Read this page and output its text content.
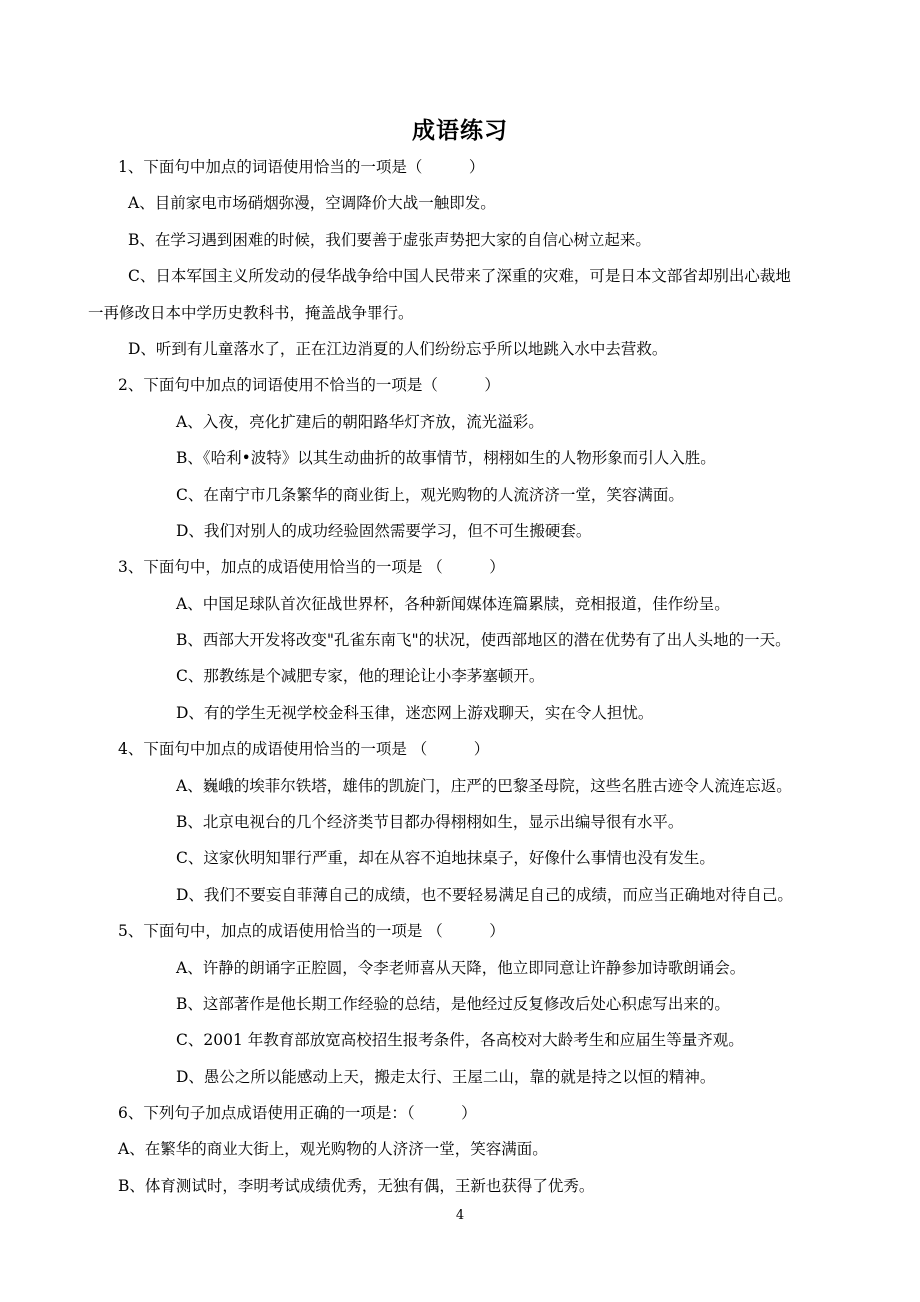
成语练习
1、下面句中加点的词语使用恰当的一项是（　　　）
A、目前家电市场硝烟弥漫，空调降价大战一触即发。
B、在学习遇到困难的时候，我们要善于虚张声势把大家的自信心树立起来。
C、日本军国主义所发动的侵华战争给中国人民带来了深重的灾难，可是日本文部省却别出心裁地
一再修改日本中学历史教科书，掩盖战争罪行。
D、听到有儿童落水了，正在江边消夏的人们纷纷忘乎所以地跳入水中去营救。
2、下面句中加点的词语使用不恰当的一项是（　　　）
A、入夜，亮化扩建后的朝阳路华灯齐放，流光溢彩。
B、《哈利•波特》以其生动曲折的故事情节，栩栩如生的人物形象而引人入胜。
C、在南宁市几条繁华的商业街上，观光购物的人流济济一堂，笑容满面。
D、我们对别人的成功经验固然需要学习，但不可生搬硬套。
3、下面句中，加点的成语使用恰当的一项是 （　　　）
A、中国足球队首次征战世界杯，各种新闻媒体连篇累牍，竞相报道，佳作纷呈。
B、西部大开发将改变"孔雀东南飞"的状况，使西部地区的潜在优势有了出人头地的一天。
C、那教练是个减肥专家，他的理论让小李茅塞顿开。
D、有的学生无视学校金科玉律，迷恋网上游戏聊天，实在令人担忧。
4、下面句中加点的成语使用恰当的一项是 （　　　）
A、巍峨的埃菲尔铁塔，雄伟的凯旋门，庄严的巴黎圣母院，这些名胜古迹令人流连忘返。
B、北京电视台的几个经济类节目都办得栩栩如生，显示出编导很有水平。
C、这家伙明知罪行严重，却在从容不迫地抹桌子，好像什么事情也没有发生。
D、我们不要妄自菲薄自己的成绩，也不要轻易满足自己的成绩，而应当正确地对待自己。
5、下面句中，加点的成语使用恰当的一项是 （　　　）
A、许静的朗诵字正腔圆，令李老师喜从天降，他立即同意让许静参加诗歌朗诵会。
B、这部著作是他长期工作经验的总结，是他经过反复修改后处心积虑写出来的。
C、2001 年教育部放宽高校招生报考条件，各高校对大龄考生和应届生等量齐观。
D、愚公之所以能感动上天，搬走太行、王屋二山，靠的就是持之以恒的精神。
6、下列句子加点成语使用正确的一项是：（　　　）
A、在繁华的商业大街上，观光购物的人济济一堂，笑容满面。
B、体育测试时，李明考试成绩优秀，无独有偶，王新也获得了优秀。
4
